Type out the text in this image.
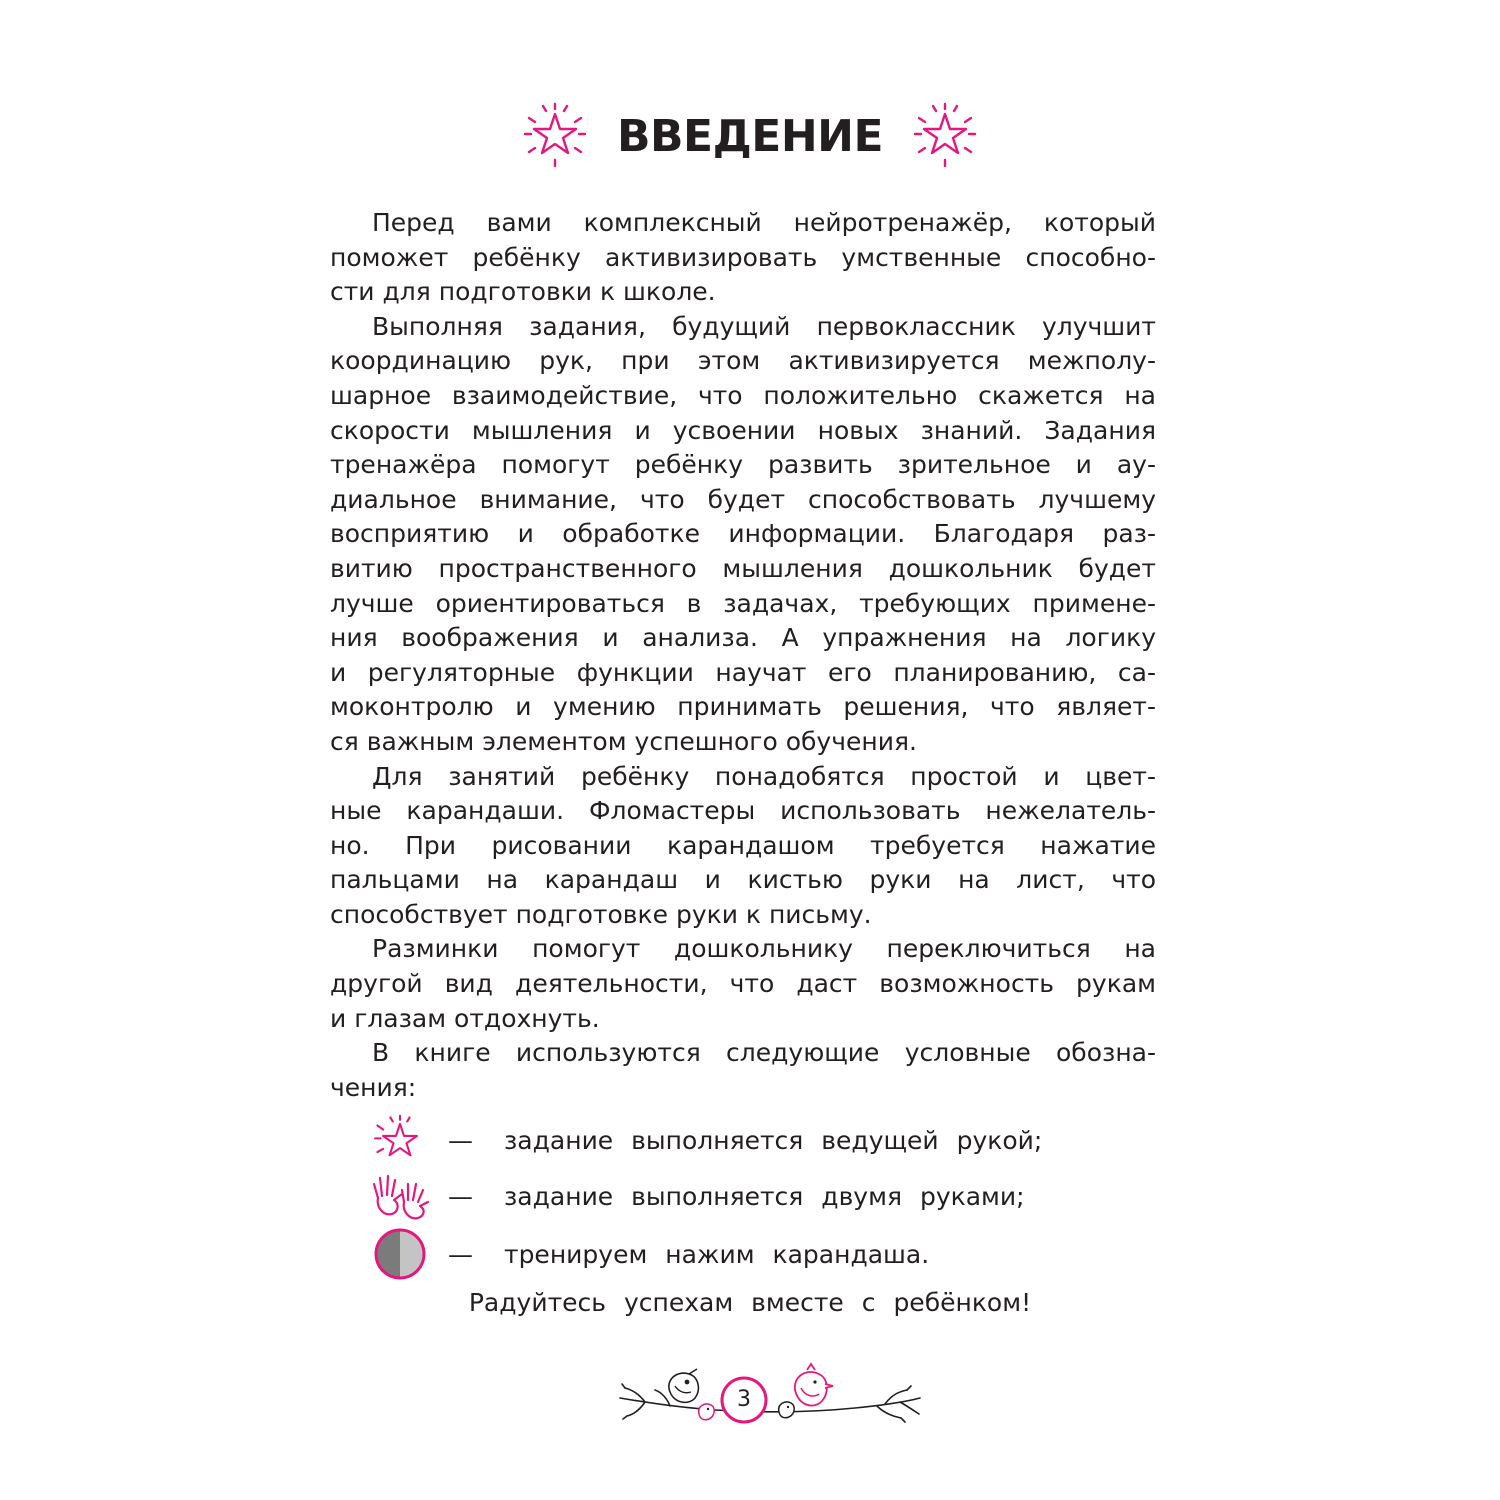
ВВЕДЕНИЕ
Перед вами комплексный нейротренажёр, который
поможет ребёнку активизировать умственные способно-
сти для подготовки к школе.
Выполняя задания, будущий первоклассник улучшит
координацию рук, при этом активизируется межполу-
шарное взаимодействие, что положительно скажется на
скорости мышления и усвоении новых знаний. Задания
тренажёра помогут ребёнку развить зрительное и ау-
диальное внимание, что будет способствовать лучшему
восприятию и обработке информации. Благодаря раз-
витию пространственного мышления дошкольник будет
лучше ориентироваться в задачах, требующих примене-
ния воображения и анализа. А упражнения на логику
и регуляторные функции научат его планированию, са-
моконтролю и умению принимать решения, что являет-
ся важным элементом успешного обучения.
Для занятий ребёнку понадобятся простой и цвет-
ные карандаши. Фломастеры использовать нежелатель-
но. При рисовании карандашом требуется нажатие
пальцами на карандаш и кистью руки на лист, что
способствует подготовке руки к письму.
Разминки помогут дошкольнику переключиться на
другой вид деятельности, что даст возможность рукам
и глазам отдохнуть.
В книге используются следующие условные обозна-
чения:
—	задание выполняется ведущей рукой;
—	задание выполняется двумя руками;
—	тренируем нажим карандаша.
Радуйтесь успехам вместе с ребёнком!
3
